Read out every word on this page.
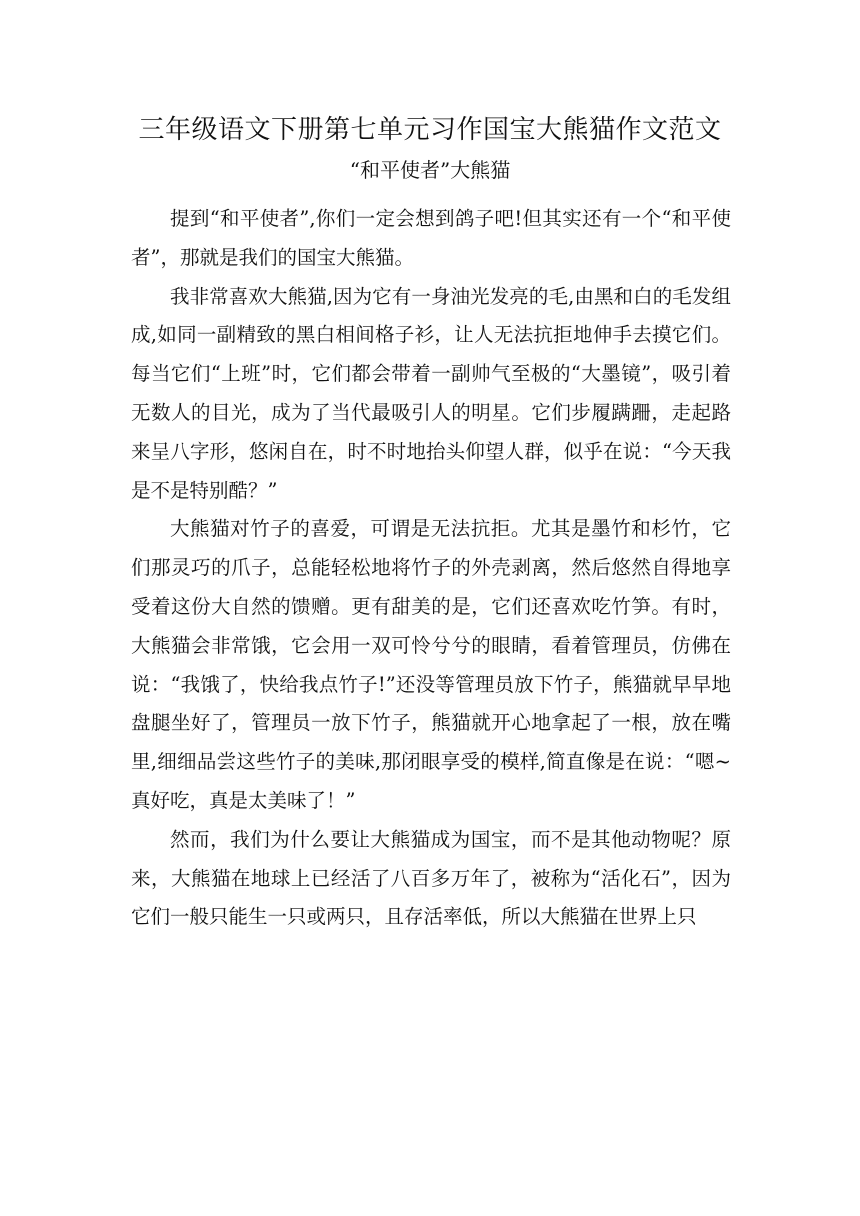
三年级语文下册第七单元习作国宝大熊猫作文范文
“和平使者”大熊猫

提到“和平使者”,你们一定会想到鸽子吧!但其实还有一个“和平使者”，那就是我们的国宝大熊猫。

我非常喜欢大熊猫,因为它有一身油光发亮的毛,由黑和白的毛发组成,如同一副精致的黑白相间格子衫，让人无法抗拒地伸手去摸它们。每当它们“上班”时，它们都会带着一副帅气至极的“大墨镜”，吸引着无数人的目光，成为了当代最吸引人的明星。它们步履蹒跚，走起路来呈八字形，悠闲自在，时不时地抬头仰望人群，似乎在说：“今天我是不是特别酷？”

大熊猫对竹子的喜爱，可谓是无法抗拒。尤其是墨竹和杉竹，它们那灵巧的爪子，总能轻松地将竹子的外壳剥离，然后悠然自得地享受着这份大自然的馈赠。更有甜美的是，它们还喜欢吃竹笋。有时，大熊猫会非常饿，它会用一双可怜兮兮的眼睛，看着管理员，仿佛在说：“我饿了，快给我点竹子!”还没等管理员放下竹子，熊猫就早早地盘腿坐好了，管理员一放下竹子，熊猫就开心地拿起了一根，放在嘴里,细细品尝这些竹子的美味,那闭眼享受的模样,简直像是在说：“嗯~真好吃，真是太美味了！”

然而，我们为什么要让大熊猫成为国宝，而不是其他动物呢？原来，大熊猫在地球上已经活了八百多万年了，被称为“活化石”，因为它们一般只能生一只或两只，且存活率低，所以大熊猫在世界上只
